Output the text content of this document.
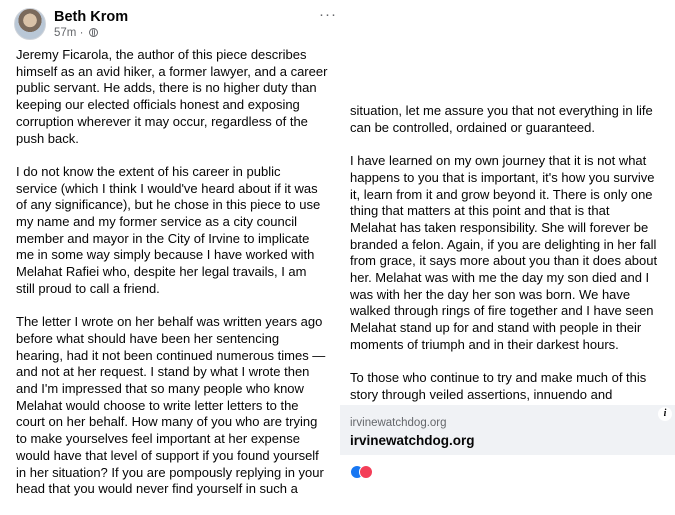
Beth Krom
57m ·
···

Jeremy Ficarola, the author of this piece describes
himself as an avid hiker, a former lawyer, and a career
public servant. He adds, there is no higher duty than
keeping our elected officials honest and exposing
corruption wherever it may occur, regardless of the
push back.

I do not know the extent of his career in public
service (which I think I would've heard about if it was
of any significance), but he chose in this piece to use
my name and my former service as a city council
member and mayor in the City of Irvine to implicate
me in some way simply because I have worked with
Melahat Rafiei who, despite her legal travails, I am
still proud to call a friend.

The letter I wrote on her behalf was written years ago
before what should have been her sentencing
hearing, had it not been continued numerous times —
and not at her request. I stand by what I wrote then
and I'm impressed that so many people who know
Melahat would choose to write letter letters to the
court on her behalf. How many of you who are trying
to make yourselves feel important at her expense
would have that level of support if you found yourself
in her situation? If you are pompously replying in your
head that you would never find yourself in such a

situation, let me assure you that not everything in life
can be controlled, ordained or guaranteed.

I have learned on my own journey that it is not what
happens to you that is important, it's how you survive
it, learn from it and grow beyond it. There is only one
thing that matters at this point and that is that
Melahat has taken responsibility. She will forever be
branded a felon. Again, if you are delighting in her fall
from grace, it says more about you than it does about
her. Melahat was with me the day my son died and I
was with her the day her son was born. We have
walked through rings of fire together and I have seen
Melahat stand up for and stand with people in their
moments of triumph and in their darkest hours.

To those who continue to try and make much of this
story through veiled assertions, innuendo and

irvinewatchdog.org
irvinewatchdog.org
i
